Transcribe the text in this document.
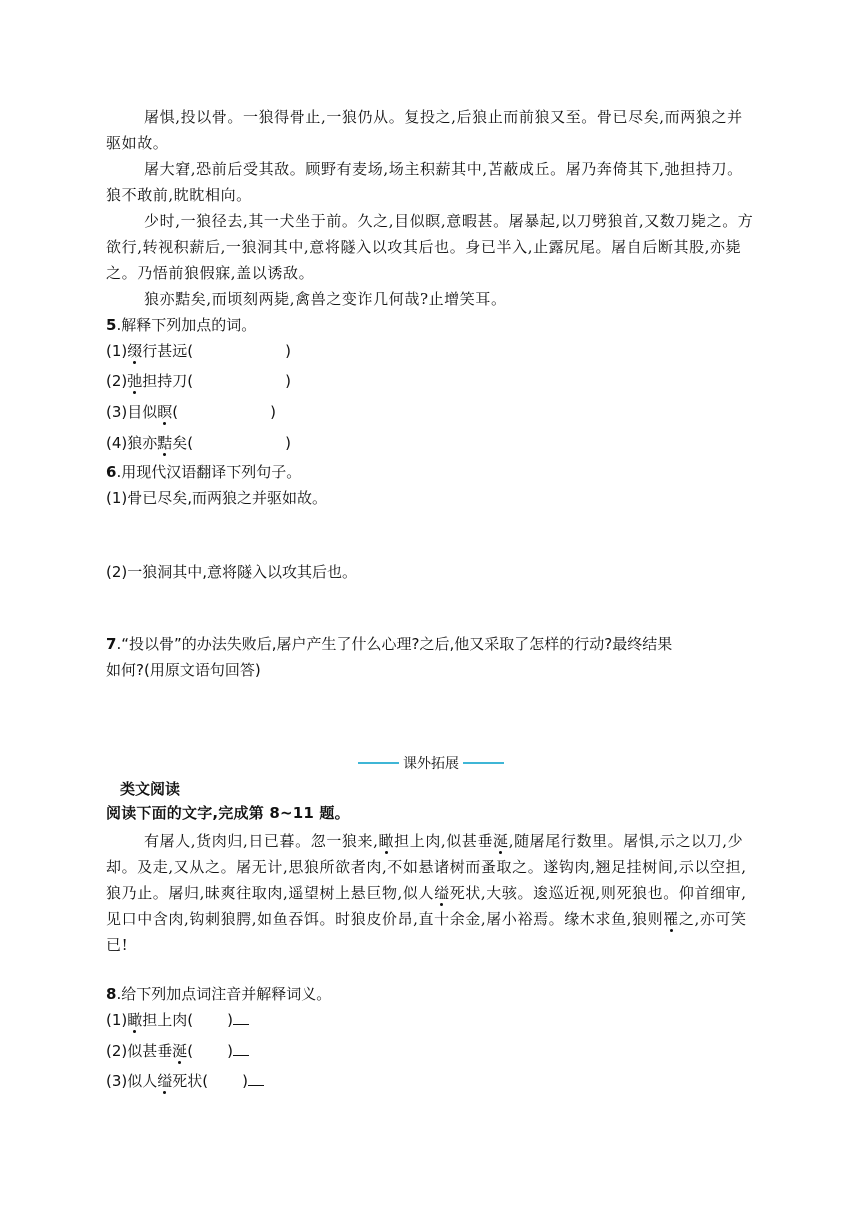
屠惧,投以骨。一狼得骨止,一狼仍从。复投之,后狼止而前狼又至。骨已尽矣,而两狼之并驱如故。

屠大窘,恐前后受其敌。顾野有麦场,场主积薪其中,苫蔽成丘。屠乃奔倚其下,弛担持刀。狼不敢前,眈眈相向。

少时,一狼径去,其一犬坐于前。久之,目似瞑,意暇甚。屠暴起,以刀劈狼首,又数刀毙之。方欲行,转视积薪后,一狼洞其中,意将隧入以攻其后也。身已半入,止露尻尾。屠自后断其股,亦毙之。乃悟前狼假寐,盖以诱敌。

狼亦黠矣,而顷刻两毙,禽兽之变诈几何哉?止增笑耳。

5.解释下列加点的词。

(1)缀行甚远(	)

(2)弛担持刀(	)

(3)目似瞑(	)

(4)狼亦黠矣(	)

6.用现代汉语翻译下列句子。

(1)骨已尽矣,而两狼之并驱如故。

(2)一狼洞其中,意将隧入以攻其后也。

7.“投以骨”的办法失败后,屠户产生了什么心理?之后,他又采取了怎样的行动?最终结果

如何?(用原文语句回答)

课外拓展

类文阅读

阅读下面的文字,完成第 8~11 题。

有屠人,货肉归,日已暮。忽一狼来,瞰担上肉,似甚垂涎,随屠尾行数里。屠惧,示之以刀,少却。及走,又从之。屠无计,思狼所欲者肉,不如悬诸树而蚤取之。遂钩肉,翘足挂树间,示以空担,狼乃止。屠归,昧爽往取肉,遥望树上悬巨物,似人缢死状,大骇。逡巡近视,则死狼也。仰首细审,见口中含肉,钩刺狼腭,如鱼吞饵。时狼皮价昂,直十余金,屠小裕焉。缘木求鱼,狼则罹之,亦可笑已!

8.给下列加点词注音并解释词义。

(1)瞰担上肉( )

(2)似甚垂涎( )

(3)似人缢死状( )
